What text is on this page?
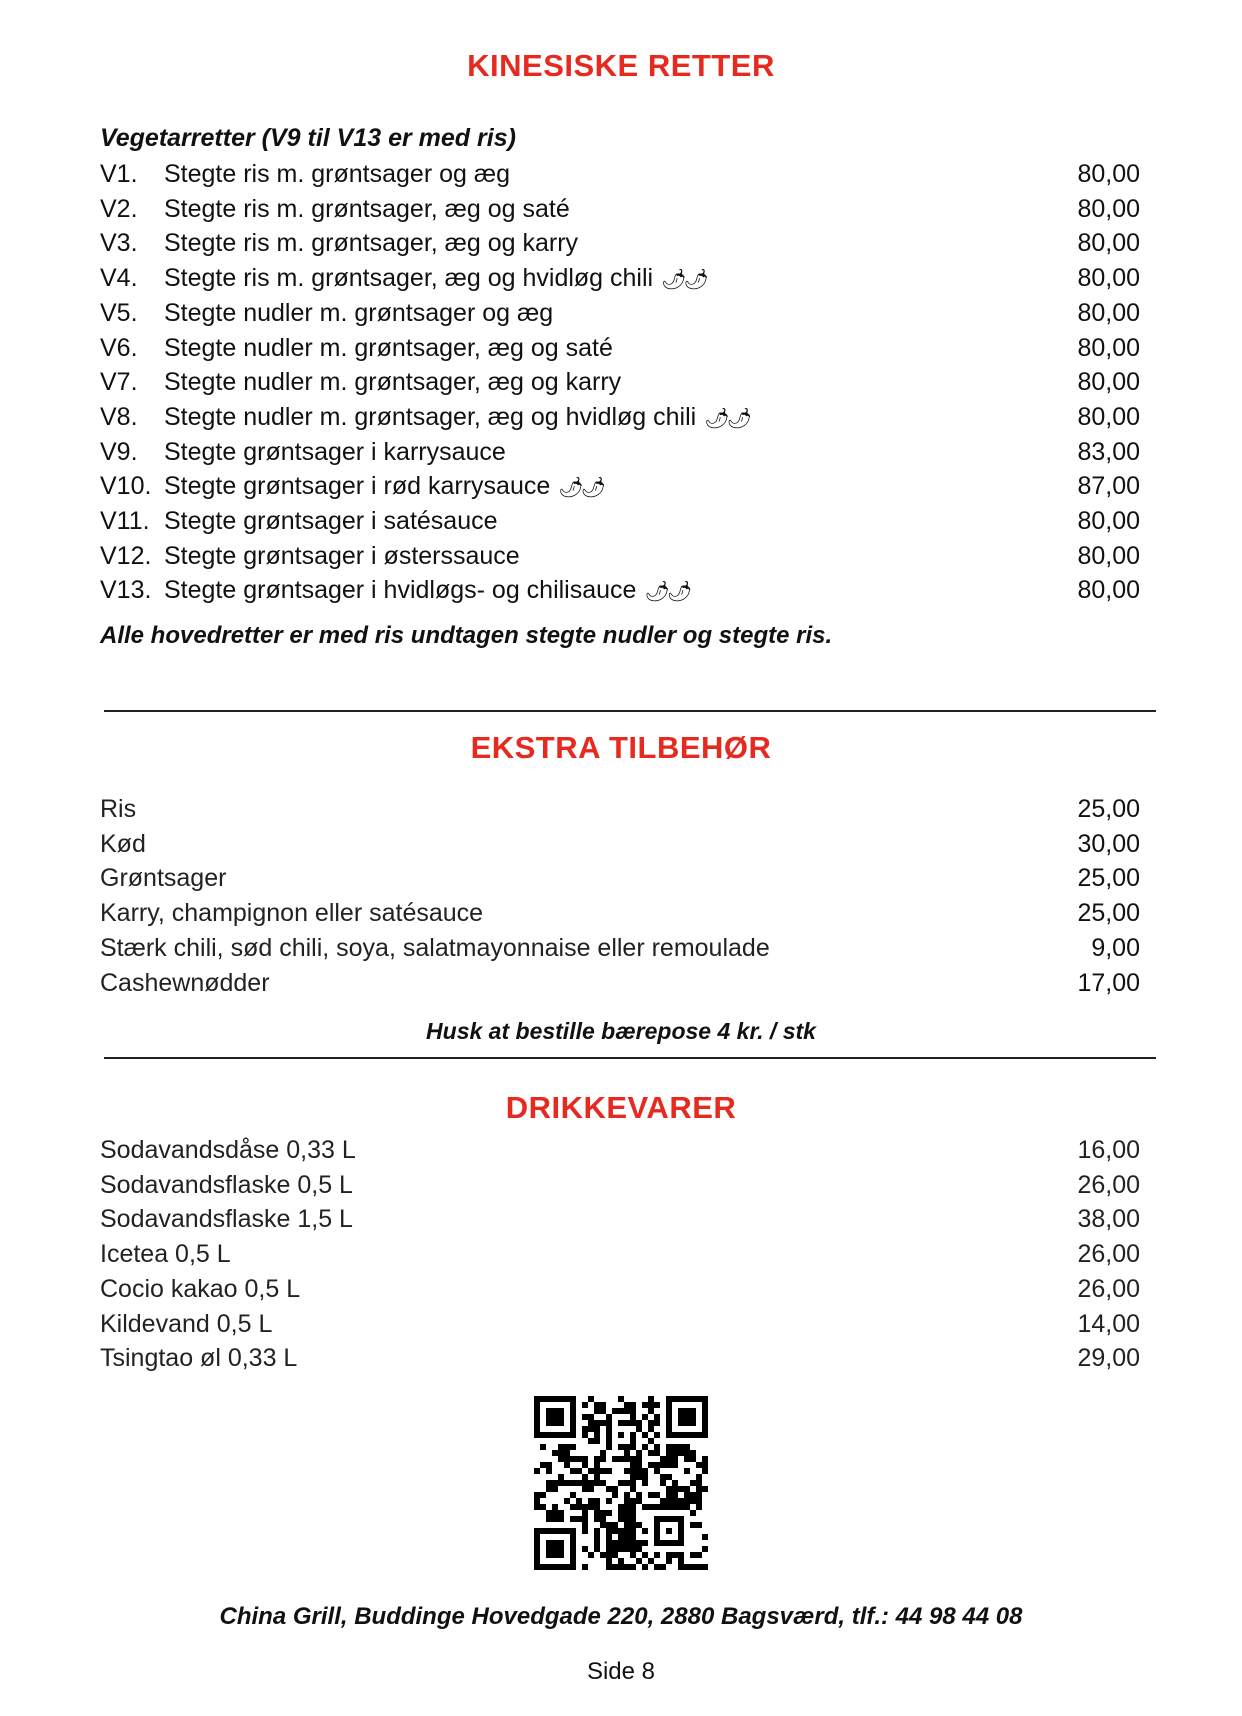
KINESISKE RETTER

Vegetarretter (V9 til V13 er med ris)

V1.	Stegte ris m. grøntsager og æg	80,00
V2.	Stegte ris m. grøntsager, æg og saté	80,00
V3.	Stegte ris m. grøntsager, æg og karry	80,00
V4.	Stegte ris m. grøntsager, æg og hvidløg chili 🌶🌶	80,00
V5.	Stegte nudler m. grøntsager og æg	80,00
V6.	Stegte nudler m. grøntsager, æg og saté	80,00
V7.	Stegte nudler m. grøntsager, æg og karry	80,00
V8.	Stegte nudler m. grøntsager, æg og hvidløg chili 🌶🌶	80,00
V9.	Stegte grøntsager i karrysauce	83,00
V10. Stegte grøntsager i rød karrysauce 🌶🌶	87,00
V11. Stegte grøntsager i satésauce	80,00
V12. Stegte grøntsager i østerssauce	80,00
V13. Stegte grøntsager i hvidløgs- og chilisauce 🌶🌶	80,00

Alle hovedretter er med ris undtagen stegte nudler og stegte ris.

EKSTRA TILBEHØR
Ris	25,00
Kød	30,00
Grøntsager	25,00
Karry, champignon eller satésauce	25,00
Stærk chili, sød chili, soya, salatmayonnaise eller remoulade	9,00
Cashewnødder	17,00

Husk at bestille bærepose 4 kr. / stk

DRIKKEVARER
Sodavandsdåse 0,33 L	16,00
Sodavandsflaske 0,5 L	26,00
Sodavandsflaske 1,5 L	38,00
Icetea 0,5 L	26,00
Cocio kakao 0,5 L	26,00
Kildevand 0,5 L	14,00
Tsingtao øl 0,33 L	29,00

China Grill, Buddinge Hovedgade 220, 2880 Bagsværd, tlf.: 44 98 44 08

Side 8
